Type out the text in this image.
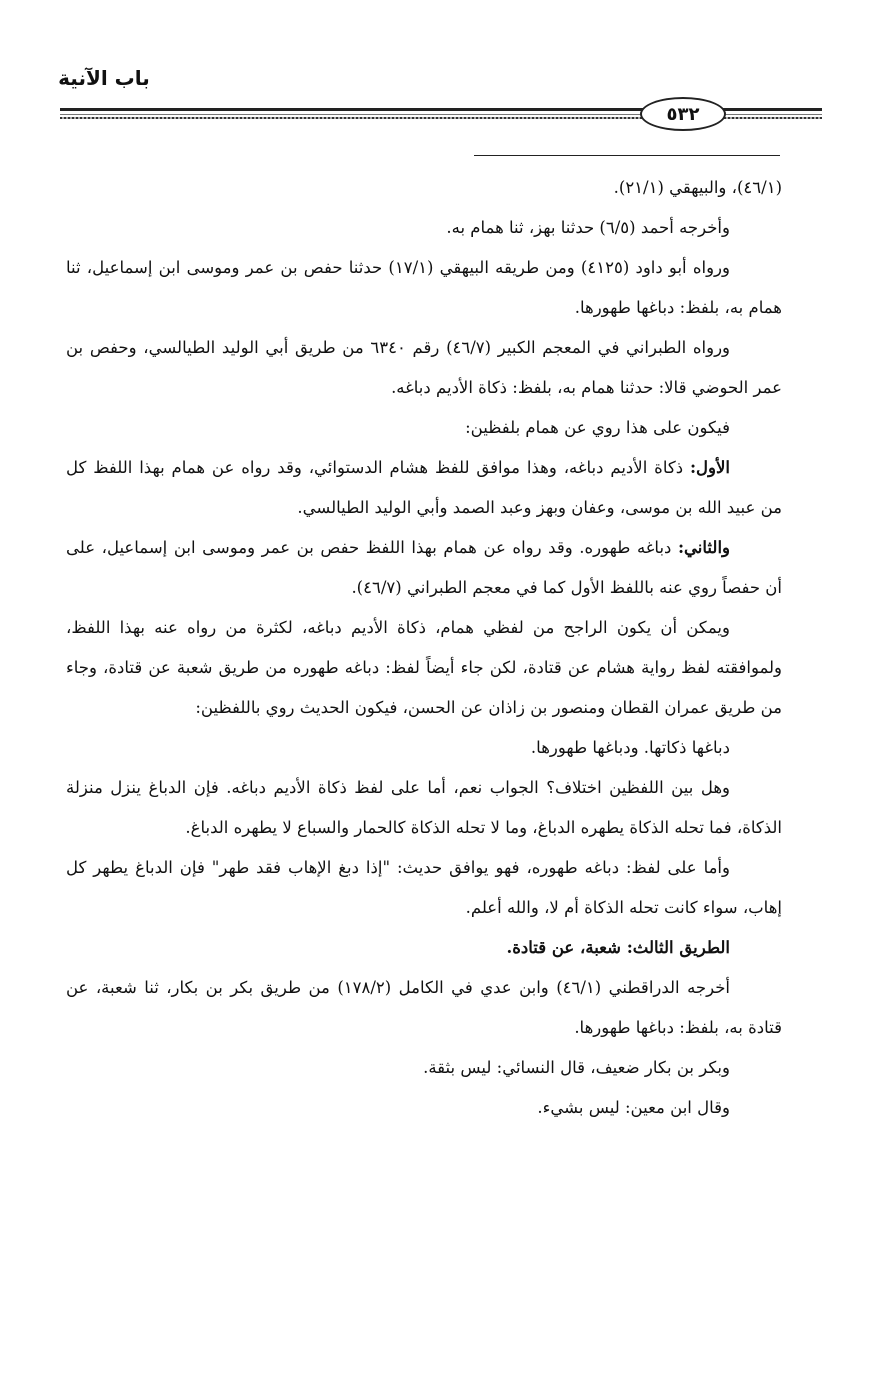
باب الآنية
٥٣٢

(٤٦/١)، والبيهقي (٢١/١).

وأخرجه أحمد (٦/٥) حدثنا بهز، ثنا همام به.

ورواه أبو داود (٤١٢٥) ومن طريقه البيهقي (١٧/١) حدثنا حفص بن عمر وموسى ابن إسماعيل، ثنا همام به، بلفظ: دباغها طهورها.

ورواه الطبراني في المعجم الكبير (٤٦/٧) رقم ٦٣٤٠ من طريق أبي الوليد الطيالسي، وحفص بن عمر الحوضي قالا: حدثنا همام به، بلفظ: ذكاة الأديم دباغه.

فيكون على هذا روي عن همام بلفظين:

الأول: ذكاة الأديم دباغه، وهذا موافق للفظ هشام الدستوائي، وقد رواه عن همام بهذا اللفظ كل من عبيد الله بن موسى، وعفان وبهز وعبد الصمد وأبي الوليد الطيالسي.

والثاني: دباغه طهوره. وقد رواه عن همام بهذا اللفظ حفص بن عمر وموسى ابن إسماعيل، على أن حفصاً روي عنه باللفظ الأول كما في معجم الطبراني (٤٦/٧).

ويمكن أن يكون الراجح من لفظي همام، ذكاة الأديم دباغه، لكثرة من رواه عنه بهذا اللفظ، ولموافقته لفظ رواية هشام عن قتادة، لكن جاء أيضاً لفظ: دباغه طهوره من طريق شعبة عن قتادة، وجاء من طريق عمران القطان ومنصور بن زاذان عن الحسن، فيكون الحديث روي باللفظين:

دباغها ذكاتها. ودباغها طهورها.

وهل بين اللفظين اختلاف؟ الجواب نعم، أما على لفظ ذكاة الأديم دباغه. فإن الدباغ ينزل منزلة الذكاة، فما تحله الذكاة يطهره الدباغ، وما لا تحله الذكاة كالحمار والسباع لا يطهره الدباغ.

وأما على لفظ: دباغه طهوره، فهو يوافق حديث: "إذا دبغ الإهاب فقد طهر" فإن الدباغ يطهر كل إهاب، سواء كانت تحله الذكاة أم لا، والله أعلم.

الطريق الثالث: شعبة، عن قتادة.

أخرجه الدراقطني (٤٦/١) وابن عدي في الكامل (١٧٨/٢) من طريق بكر بن بكار، ثنا شعبة، عن قتادة به، بلفظ: دباغها طهورها.

وبكر بن بكار ضعيف، قال النسائي: ليس بثقة.

وقال ابن معين: ليس بشيء.
